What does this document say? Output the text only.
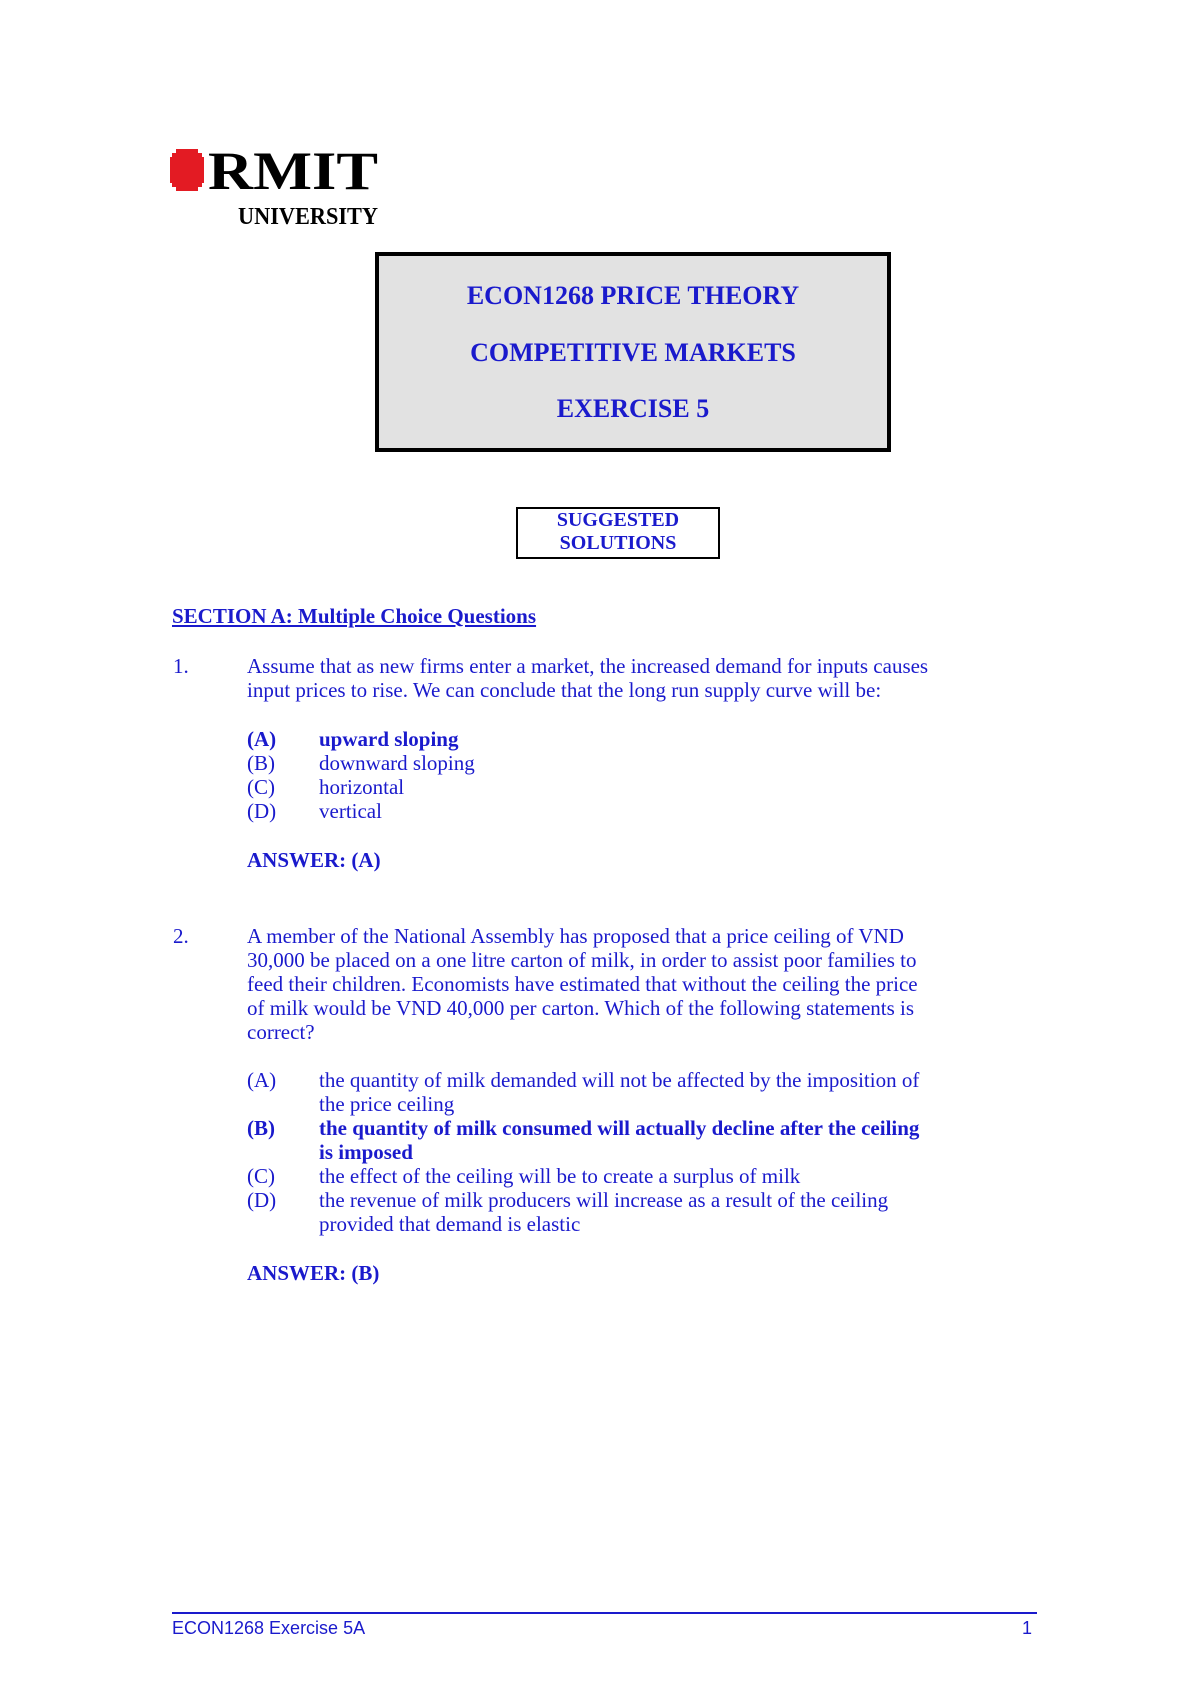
RMIT
UNIVERSITY
ECON1268 PRICE THEORY
COMPETITIVE MARKETS
EXERCISE 5
SUGGESTED
SOLUTIONS
SECTION A: Multiple Choice Questions
1.	Assume that as new firms enter a market, the increased demand for inputs causes
input prices to rise. We can conclude that the long run supply curve will be:
(A) upward sloping
(B) downward sloping
(C) horizontal
(D) vertical
ANSWER: (A)
2.	A member of the National Assembly has proposed that a price ceiling of VND
30,000 be placed on a one litre carton of milk, in order to assist poor families to
feed their children. Economists have estimated that without the ceiling the price
of milk would be VND 40,000 per carton. Which of the following statements is
correct?
(A) the quantity of milk demanded will not be affected by the imposition of
the price ceiling
(B) the quantity of milk consumed will actually decline after the ceiling
is imposed
(C) the effect of the ceiling will be to create a surplus of milk
(D) the revenue of milk producers will increase as a result of the ceiling
provided that demand is elastic
ANSWER: (B)
ECON1268 Exercise 5A	1
